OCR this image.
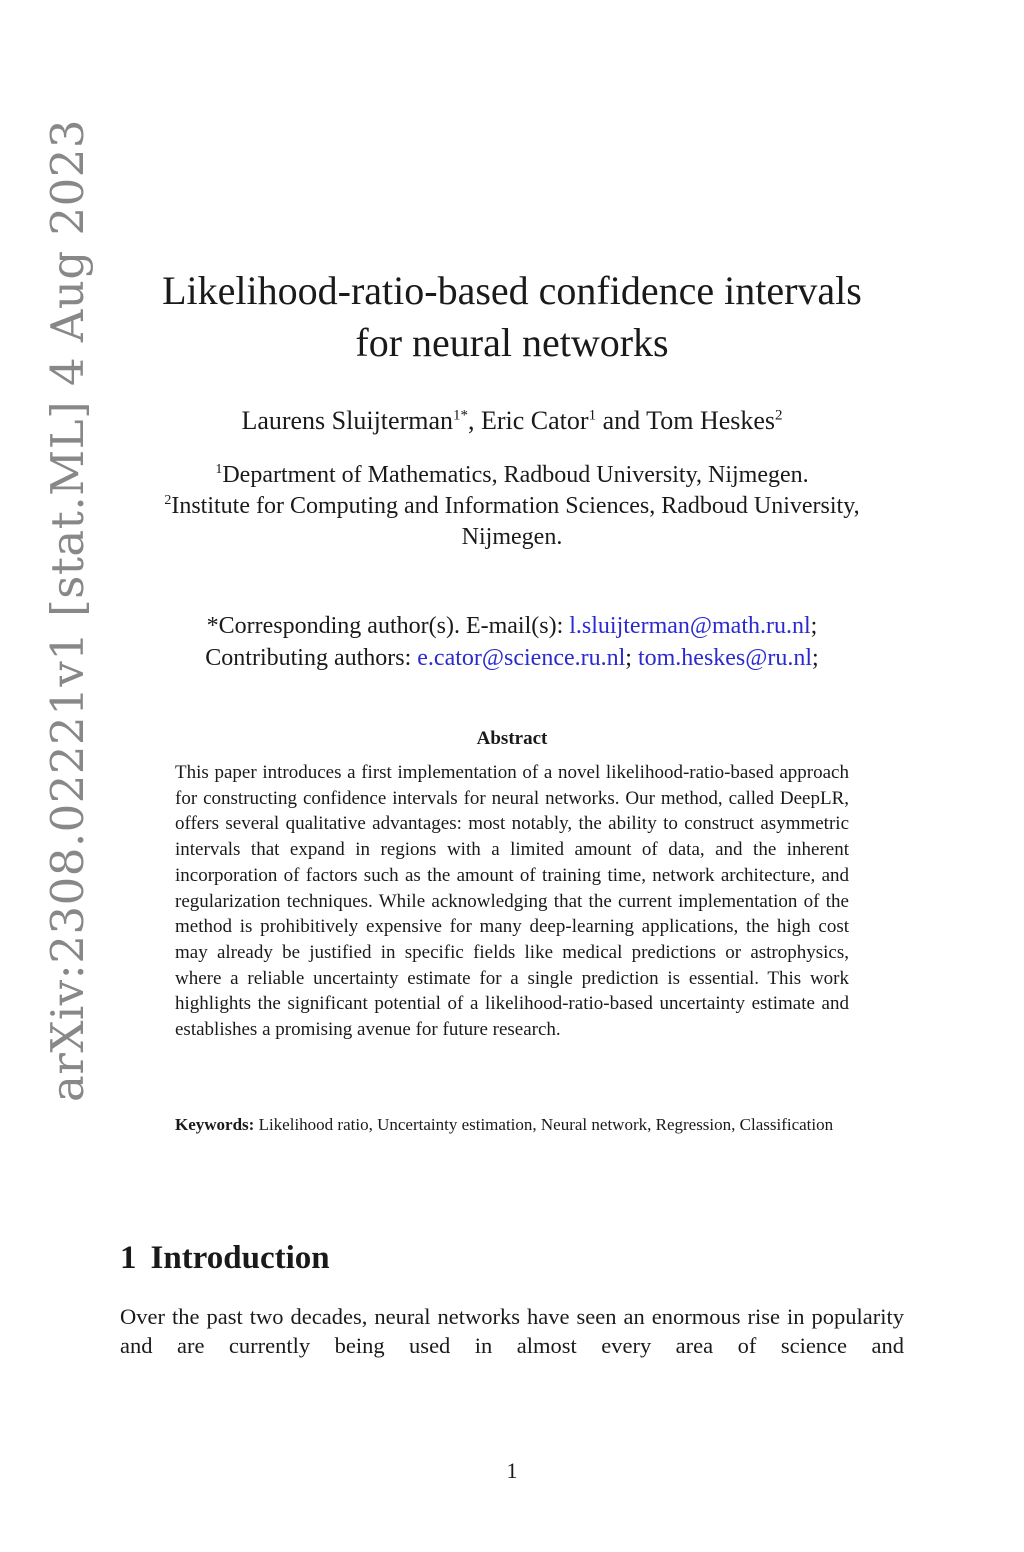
arXiv:2308.02221v1 [stat.ML] 4 Aug 2023 Likelihood-ratio-based confidence intervals
for neural networks
Laurens Sluijterman$^{1*}$, Eric Cator$^1$ and Tom Heskes$^2$
$^1$Department of Mathematics, Radboud University, Nijmegen.
$^2$Institute for Computing and Information Sciences, Radboud University, Nijmegen.
*Corresponding author(s). E-mail(s): l.sluijterman@math.ru.nl;
Contributing authors: e.cator@science.ru.nl; tom.heskes@ru.nl;
Abstract

This paper introduces a first implementation of a novel likelihood-ratio-based approach for constructing confidence intervals for neural networks. Our method, called DeepLR, offers several qualitative advantages: most notably, the ability to construct asymmetric intervals that expand in regions with a limited amount of data, and the inherent incorporation of factors such as the amount of training time, network architecture, and regularization techniques. While acknowledging that the current implementation of the method is prohibitively expensive for many deep-learning applications, the high cost may already be justified in specific fields like medical predictions or astrophysics, where a reliable uncertainty estimate for a single prediction is essential. This work highlights the significant potential of a likelihood-ratio-based uncertainty estimate and establishes a promising avenue for future research.

Keywords: Likelihood ratio, Uncertainty estimation, Neural network, Regression, Classification
1 Introduction

Over the past two decades, neural networks have seen an enormous rise in popularity and are currently being used in almost every area of science and

1
